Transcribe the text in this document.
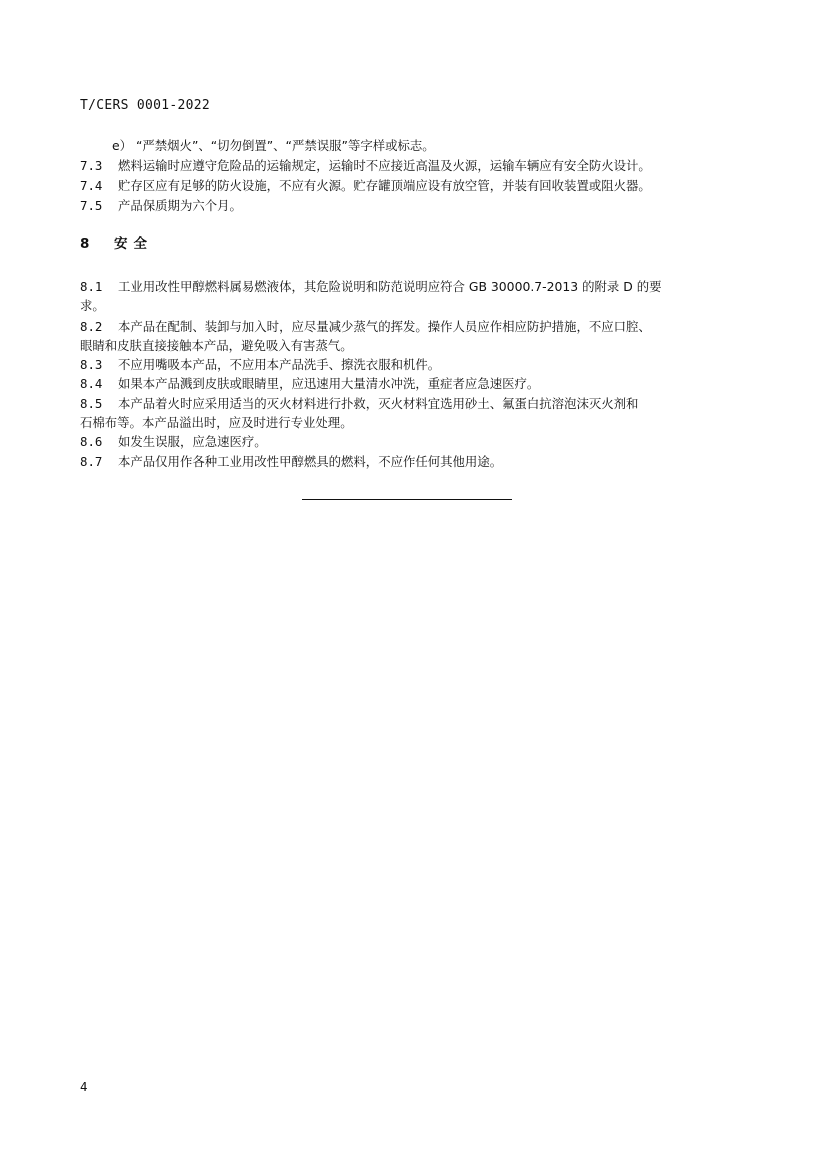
T/CERS 0001-2022
e） “严禁烟火”、“切勿倒置”、“严禁误服”等字样或标志。
7.3 燃料运输时应遵守危险品的运输规定，运输时不应接近高温及火源，运输车辆应有安全防火设计。
7.4 贮存区应有足够的防火设施，不应有火源。贮存罐顶端应设有放空管，并装有回收装置或阻火器。
7.5 产品保质期为六个月。
8 安全
8.1 工业用改性甲醇燃料属易燃液体，其危险说明和防范说明应符合 GB 30000.7-2013 的附录 D 的要
求。
8.2 本产品在配制、装卸与加入时，应尽量减少蒸气的挥发。操作人员应作相应防护措施，不应口腔、
眼睛和皮肤直接接触本产品，避免吸入有害蒸气。
8.3 不应用嘴吸本产品，不应用本产品洗手、擦洗衣服和机件。
8.4 如果本产品溅到皮肤或眼睛里，应迅速用大量清水冲洗，重症者应急速医疗。
8.5 本产品着火时应采用适当的灭火材料进行扑救，灭火材料宜选用砂土、氟蛋白抗溶泡沫灭火剂和
石棉布等。本产品溢出时，应及时进行专业处理。
8.6 如发生误服，应急速医疗。
8.7 本产品仅用作各种工业用改性甲醇燃具的燃料，不应作任何其他用途。
4
